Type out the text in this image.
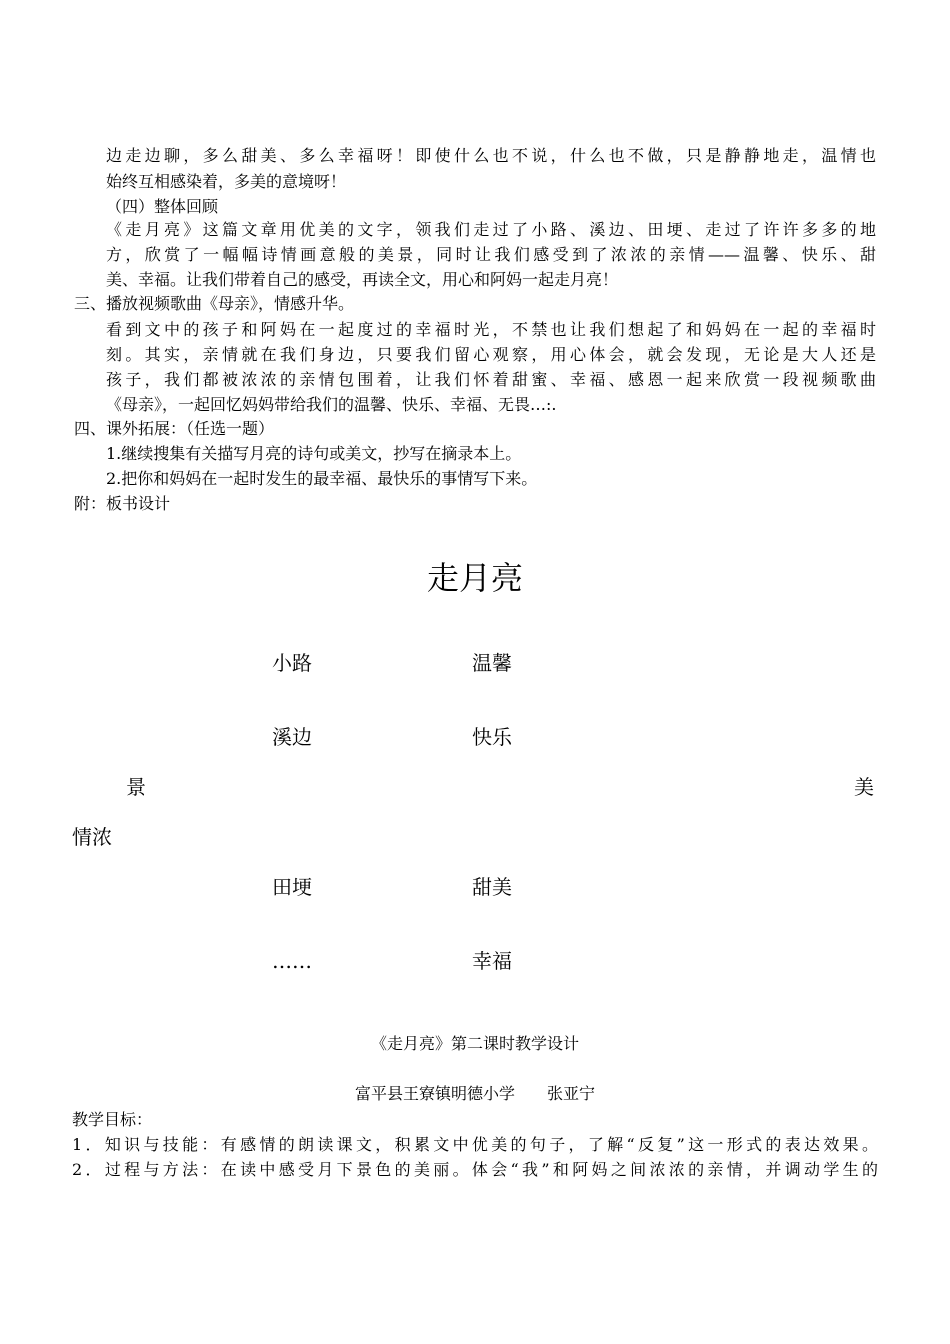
边走边聊，多么甜美、多么幸福呀！即使什么也不说，什么也不做，只是静静地走，温情也
始终互相感染着，多美的意境呀！
（四）整体回顾
《走月亮》这篇文章用优美的文字，领我们走过了小路、溪边、田埂、走过了许许多多的地
方，欣赏了一幅幅诗情画意般的美景，同时让我们感受到了浓浓的亲情——温馨、快乐、甜
美、幸福。让我们带着自己的感受，再读全文，用心和阿妈一起走月亮！
三、播放视频歌曲《母亲》，情感升华。
看到文中的孩子和阿妈在一起度过的幸福时光，不禁也让我们想起了和妈妈在一起的幸福时
刻。其实，亲情就在我们身边，只要我们留心观察，用心体会，就会发现，无论是大人还是
孩子，我们都被浓浓的亲情包围着，让我们怀着甜蜜、幸福、感恩一起来欣赏一段视频歌曲
《母亲》，一起回忆妈妈带给我们的温馨、快乐、幸福、无畏…:.
四、课外拓展：（任选一题）
1.继续搜集有关描写月亮的诗句或美文，抄写在摘录本上。
2.把你和妈妈在一起时发生的最幸福、最快乐的事情写下来。
附：板书设计
走月亮
小路	温馨
溪边	快乐
景	美
情浓
田埂	甜美
……	幸福
《走月亮》第二课时教学设计
富平县王寮镇明德小学　　张亚宁
教学目标：
1．知识与技能：有感情的朗读课文，积累文中优美的句子，了解“反复”这一形式的表达效果。
2．过程与方法：在读中感受月下景色的美丽。体会“我”和阿妈之间浓浓的亲情，并调动学生的
